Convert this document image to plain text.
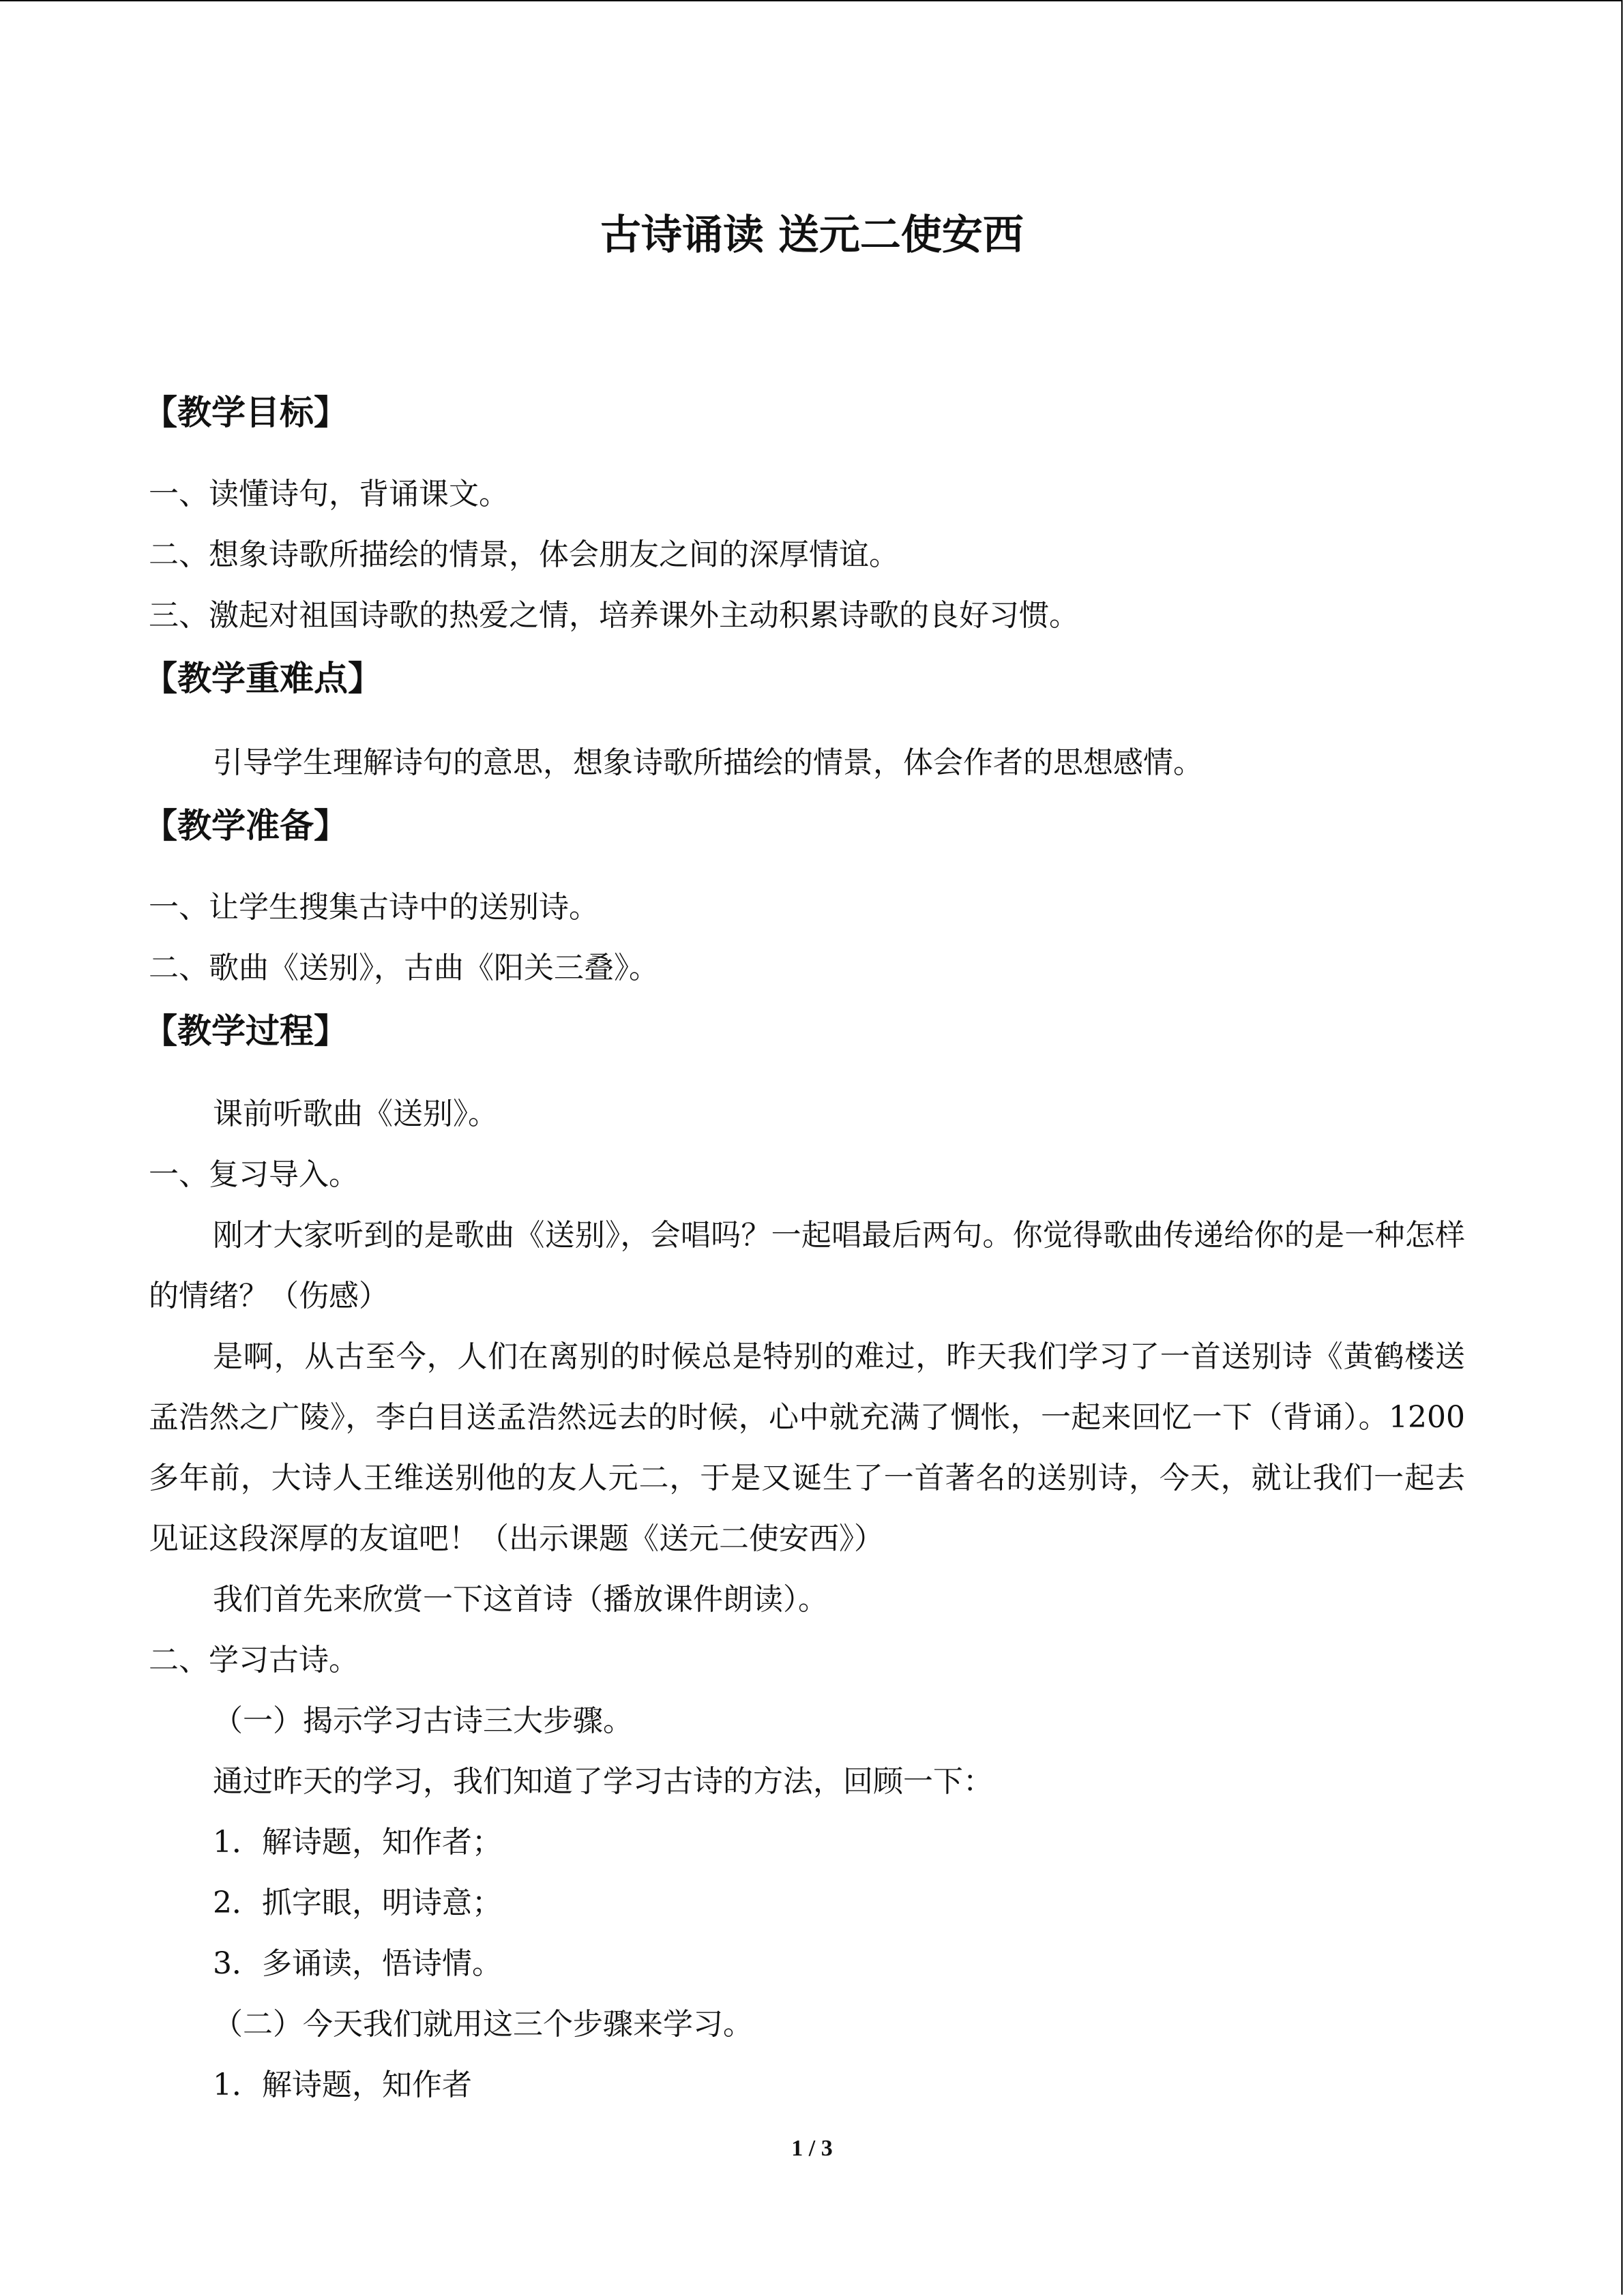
古诗诵读 送元二使安西
【教学目标】
一、读懂诗句，背诵课文。
二、想象诗歌所描绘的情景，体会朋友之间的深厚情谊。
三、激起对祖国诗歌的热爱之情，培养课外主动积累诗歌的良好习惯。
【教学重难点】
引导学生理解诗句的意思，想象诗歌所描绘的情景，体会作者的思想感情。
【教学准备】
一、让学生搜集古诗中的送别诗。
二、歌曲《送别》，古曲《阳关三叠》。
【教学过程】
课前听歌曲《送别》。
一、复习导入。
刚才大家听到的是歌曲《送别》，会唱吗？一起唱最后两句。你觉得歌曲传递给你的是一种怎样的情绪？（伤感）
是啊，从古至今，人们在离别的时候总是特别的难过，昨天我们学习了一首送别诗《黄鹤楼送孟浩然之广陵》，李白目送孟浩然远去的时候，心中就充满了惆怅，一起来回忆一下（背诵）。1200多年前，大诗人王维送别他的友人元二，于是又诞生了一首著名的送别诗，今天，就让我们一起去见证这段深厚的友谊吧！（出示课题《送元二使安西》）
我们首先来欣赏一下这首诗（播放课件朗读）。
二、学习古诗。
（一）揭示学习古诗三大步骤。
通过昨天的学习，我们知道了学习古诗的方法，回顾一下：
1．解诗题，知作者；
2．抓字眼，明诗意；
3．多诵读，悟诗情。
（二）今天我们就用这三个步骤来学习。
1．解诗题，知作者
1 / 3
